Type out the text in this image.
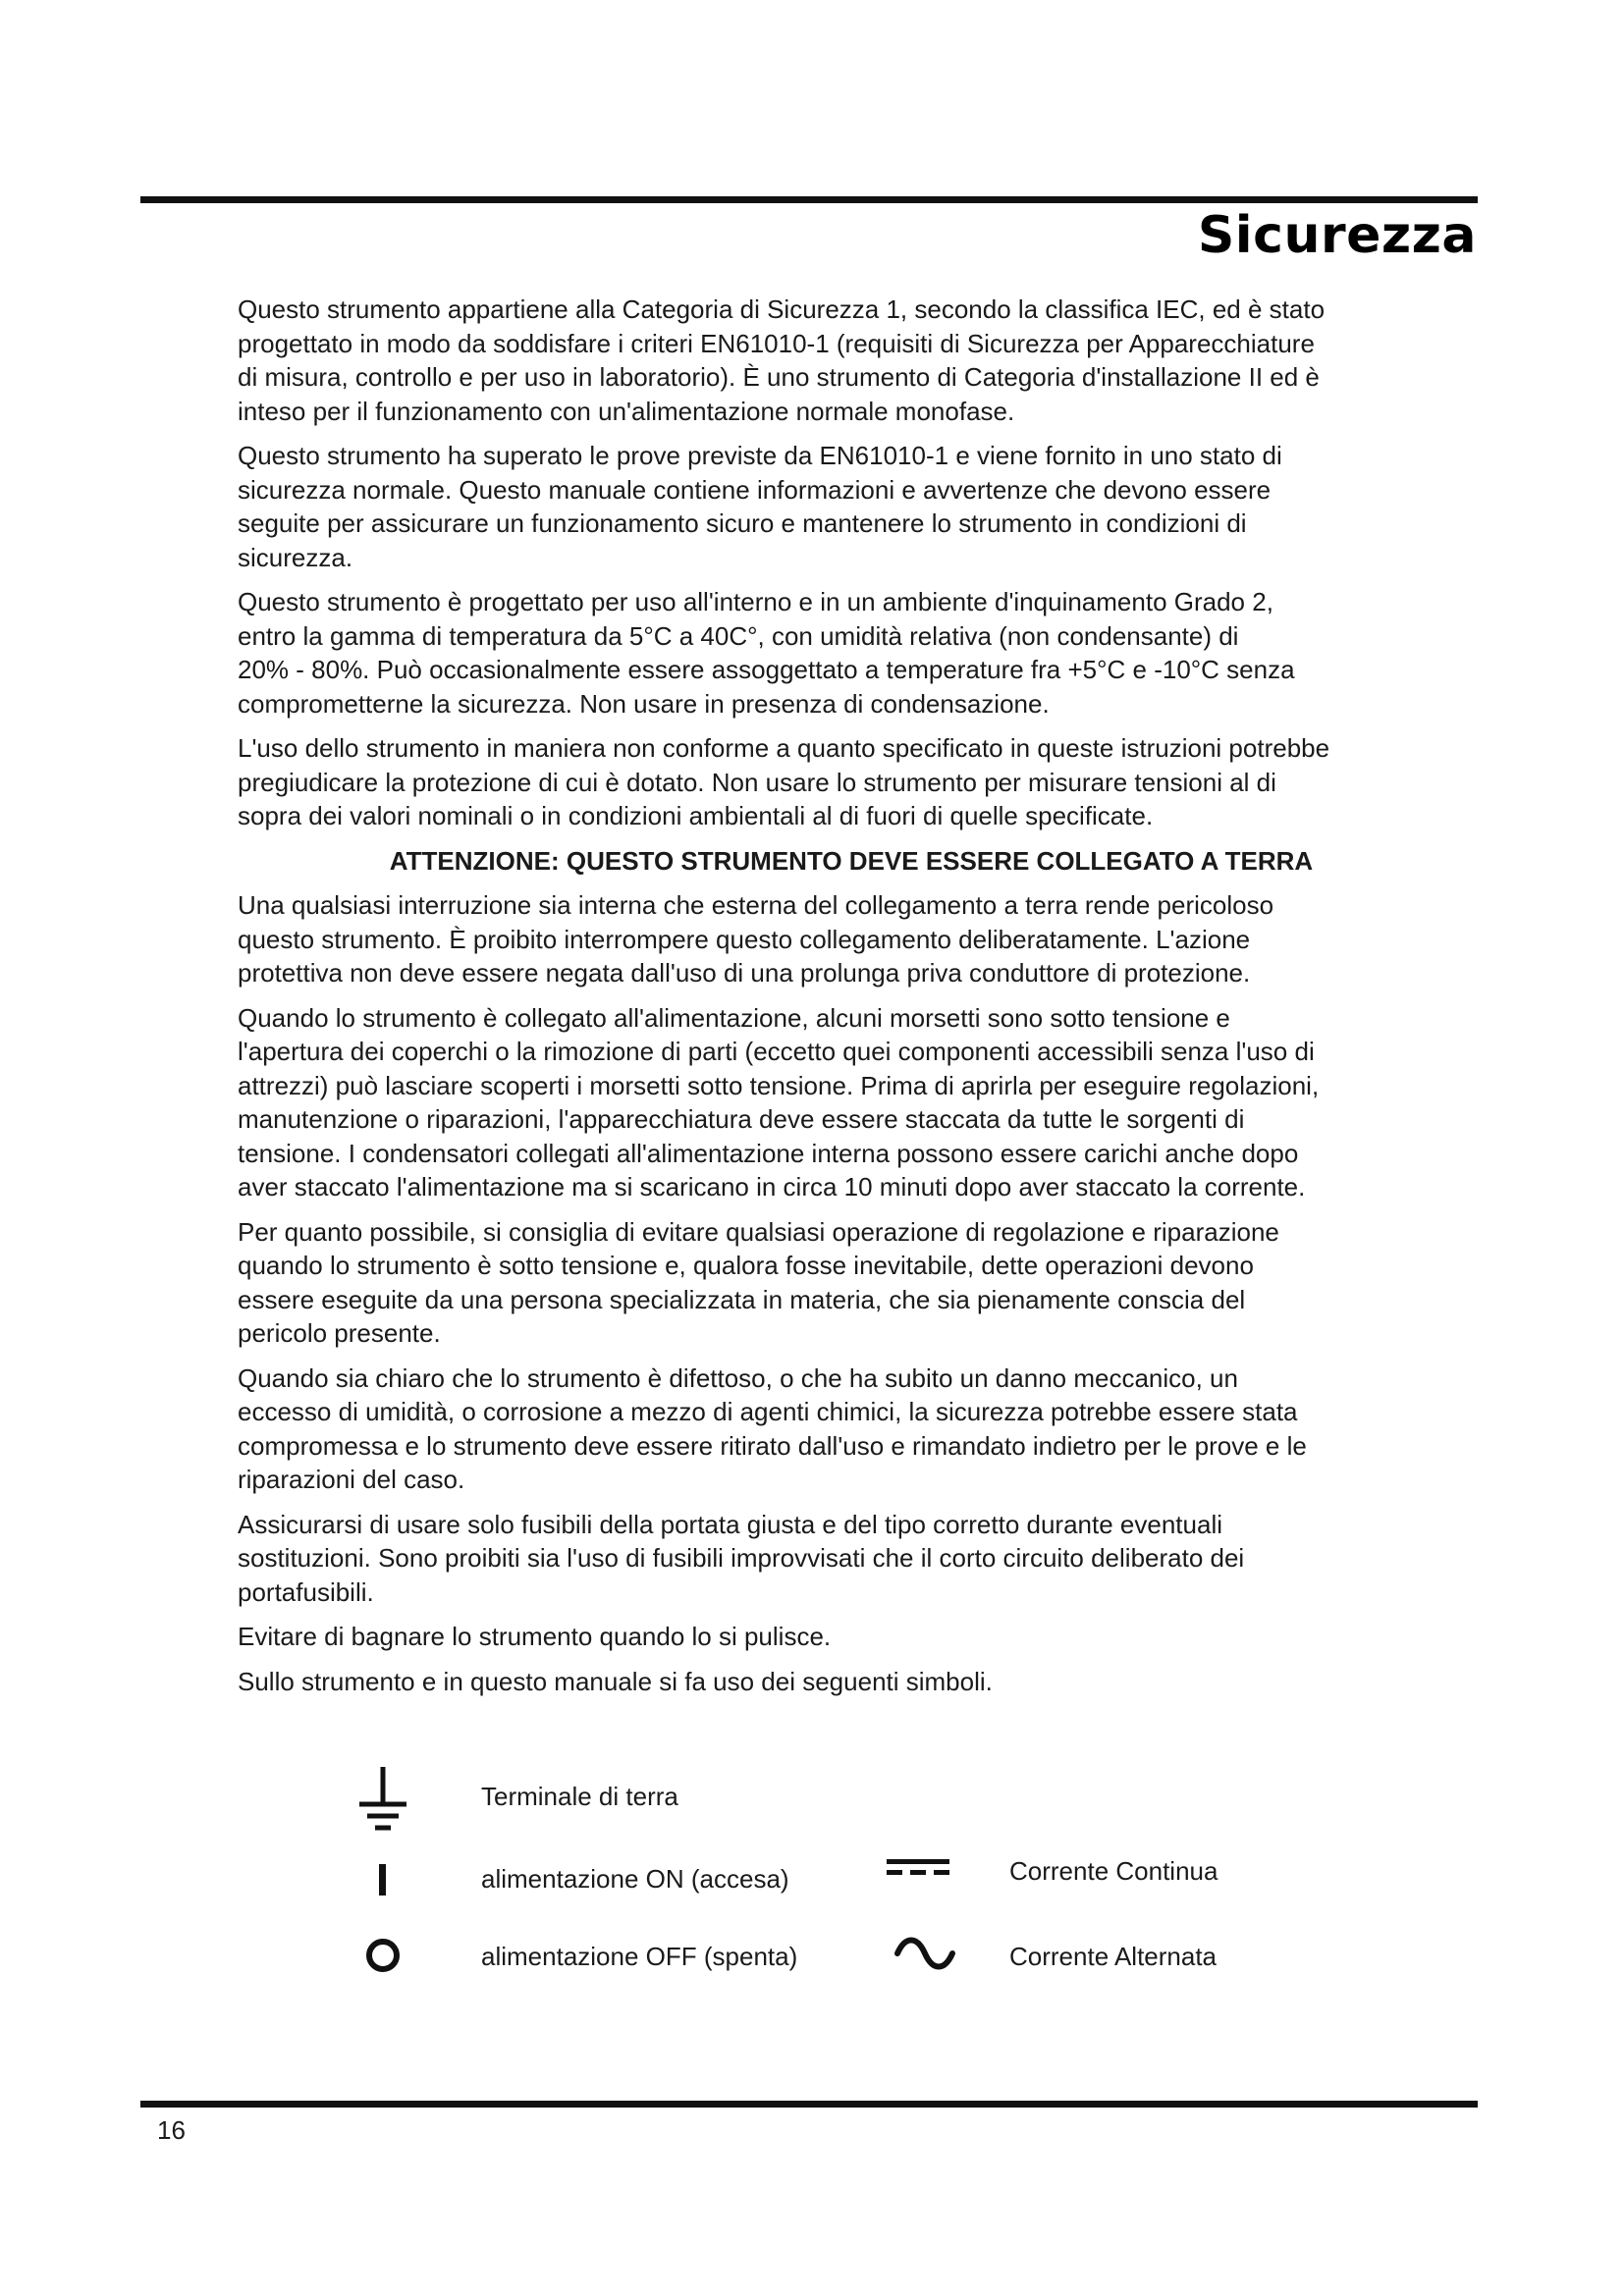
Sicurezza

Questo strumento appartiene alla Categoria di Sicurezza 1, secondo la classifica IEC, ed è stato
progettato in modo da soddisfare i criteri EN61010-1 (requisiti di Sicurezza per Apparecchiature
di misura, controllo e per uso in laboratorio). È uno strumento di Categoria d'installazione II ed è
inteso per il funzionamento con un'alimentazione normale monofase.

Questo strumento ha superato le prove previste da EN61010-1 e viene fornito in uno stato di
sicurezza normale. Questo manuale contiene informazioni e avvertenze che devono essere
seguite per assicurare un funzionamento sicuro e mantenere lo strumento in condizioni di
sicurezza.

Questo strumento è progettato per uso all'interno e in un ambiente d'inquinamento Grado 2,
entro la gamma di temperatura da 5°C a 40C°, con umidità relativa (non condensante) di
20% - 80%. Può occasionalmente essere assoggettato a temperature fra +5°C e -10°C senza
comprometterne la sicurezza. Non usare in presenza di condensazione.

L'uso dello strumento in maniera non conforme a quanto specificato in queste istruzioni potrebbe
pregiudicare la protezione di cui è dotato. Non usare lo strumento per misurare tensioni al di
sopra dei valori nominali o in condizioni ambientali al di fuori di quelle specificate.

ATTENZIONE: QUESTO STRUMENTO DEVE ESSERE COLLEGATO A TERRA

Una qualsiasi interruzione sia interna che esterna del collegamento a terra rende pericoloso
questo strumento. È proibito interrompere questo collegamento deliberatamente. L'azione
protettiva non deve essere negata dall'uso di una prolunga priva conduttore di protezione.

Quando lo strumento è collegato all'alimentazione, alcuni morsetti sono sotto tensione e
l'apertura dei coperchi o la rimozione di parti (eccetto quei componenti accessibili senza l'uso di
attrezzi) può lasciare scoperti i morsetti sotto tensione. Prima di aprirla per eseguire regolazioni,
manutenzione o riparazioni, l'apparecchiatura deve essere staccata da tutte le sorgenti di
tensione. I condensatori collegati all'alimentazione interna possono essere carichi anche dopo
aver staccato l'alimentazione ma si scaricano in circa 10 minuti dopo aver staccato la corrente.

Per quanto possibile, si consiglia di evitare qualsiasi operazione di regolazione e riparazione
quando lo strumento è sotto tensione e, qualora fosse inevitabile, dette operazioni devono
essere eseguite da una persona specializzata in materia, che sia pienamente conscia del
pericolo presente.

Quando sia chiaro che lo strumento è difettoso, o che ha subito un danno meccanico, un
eccesso di umidità, o corrosione a mezzo di agenti chimici, la sicurezza potrebbe essere stata
compromessa e lo strumento deve essere ritirato dall'uso e rimandato indietro per le prove e le
riparazioni del caso.

Assicurarsi di usare solo fusibili della portata giusta e del tipo corretto durante eventuali
sostituzioni. Sono proibiti sia l'uso di fusibili improvvisati che il corto circuito deliberato dei
portafusibili.

Evitare di bagnare lo strumento quando lo si pulisce.

Sullo strumento e in questo manuale si fa uso dei seguenti simboli.

Terminale di terra
alimentazione ON (accesa)	Corrente Continua
alimentazione OFF (spenta)	Corrente Alternata
16
